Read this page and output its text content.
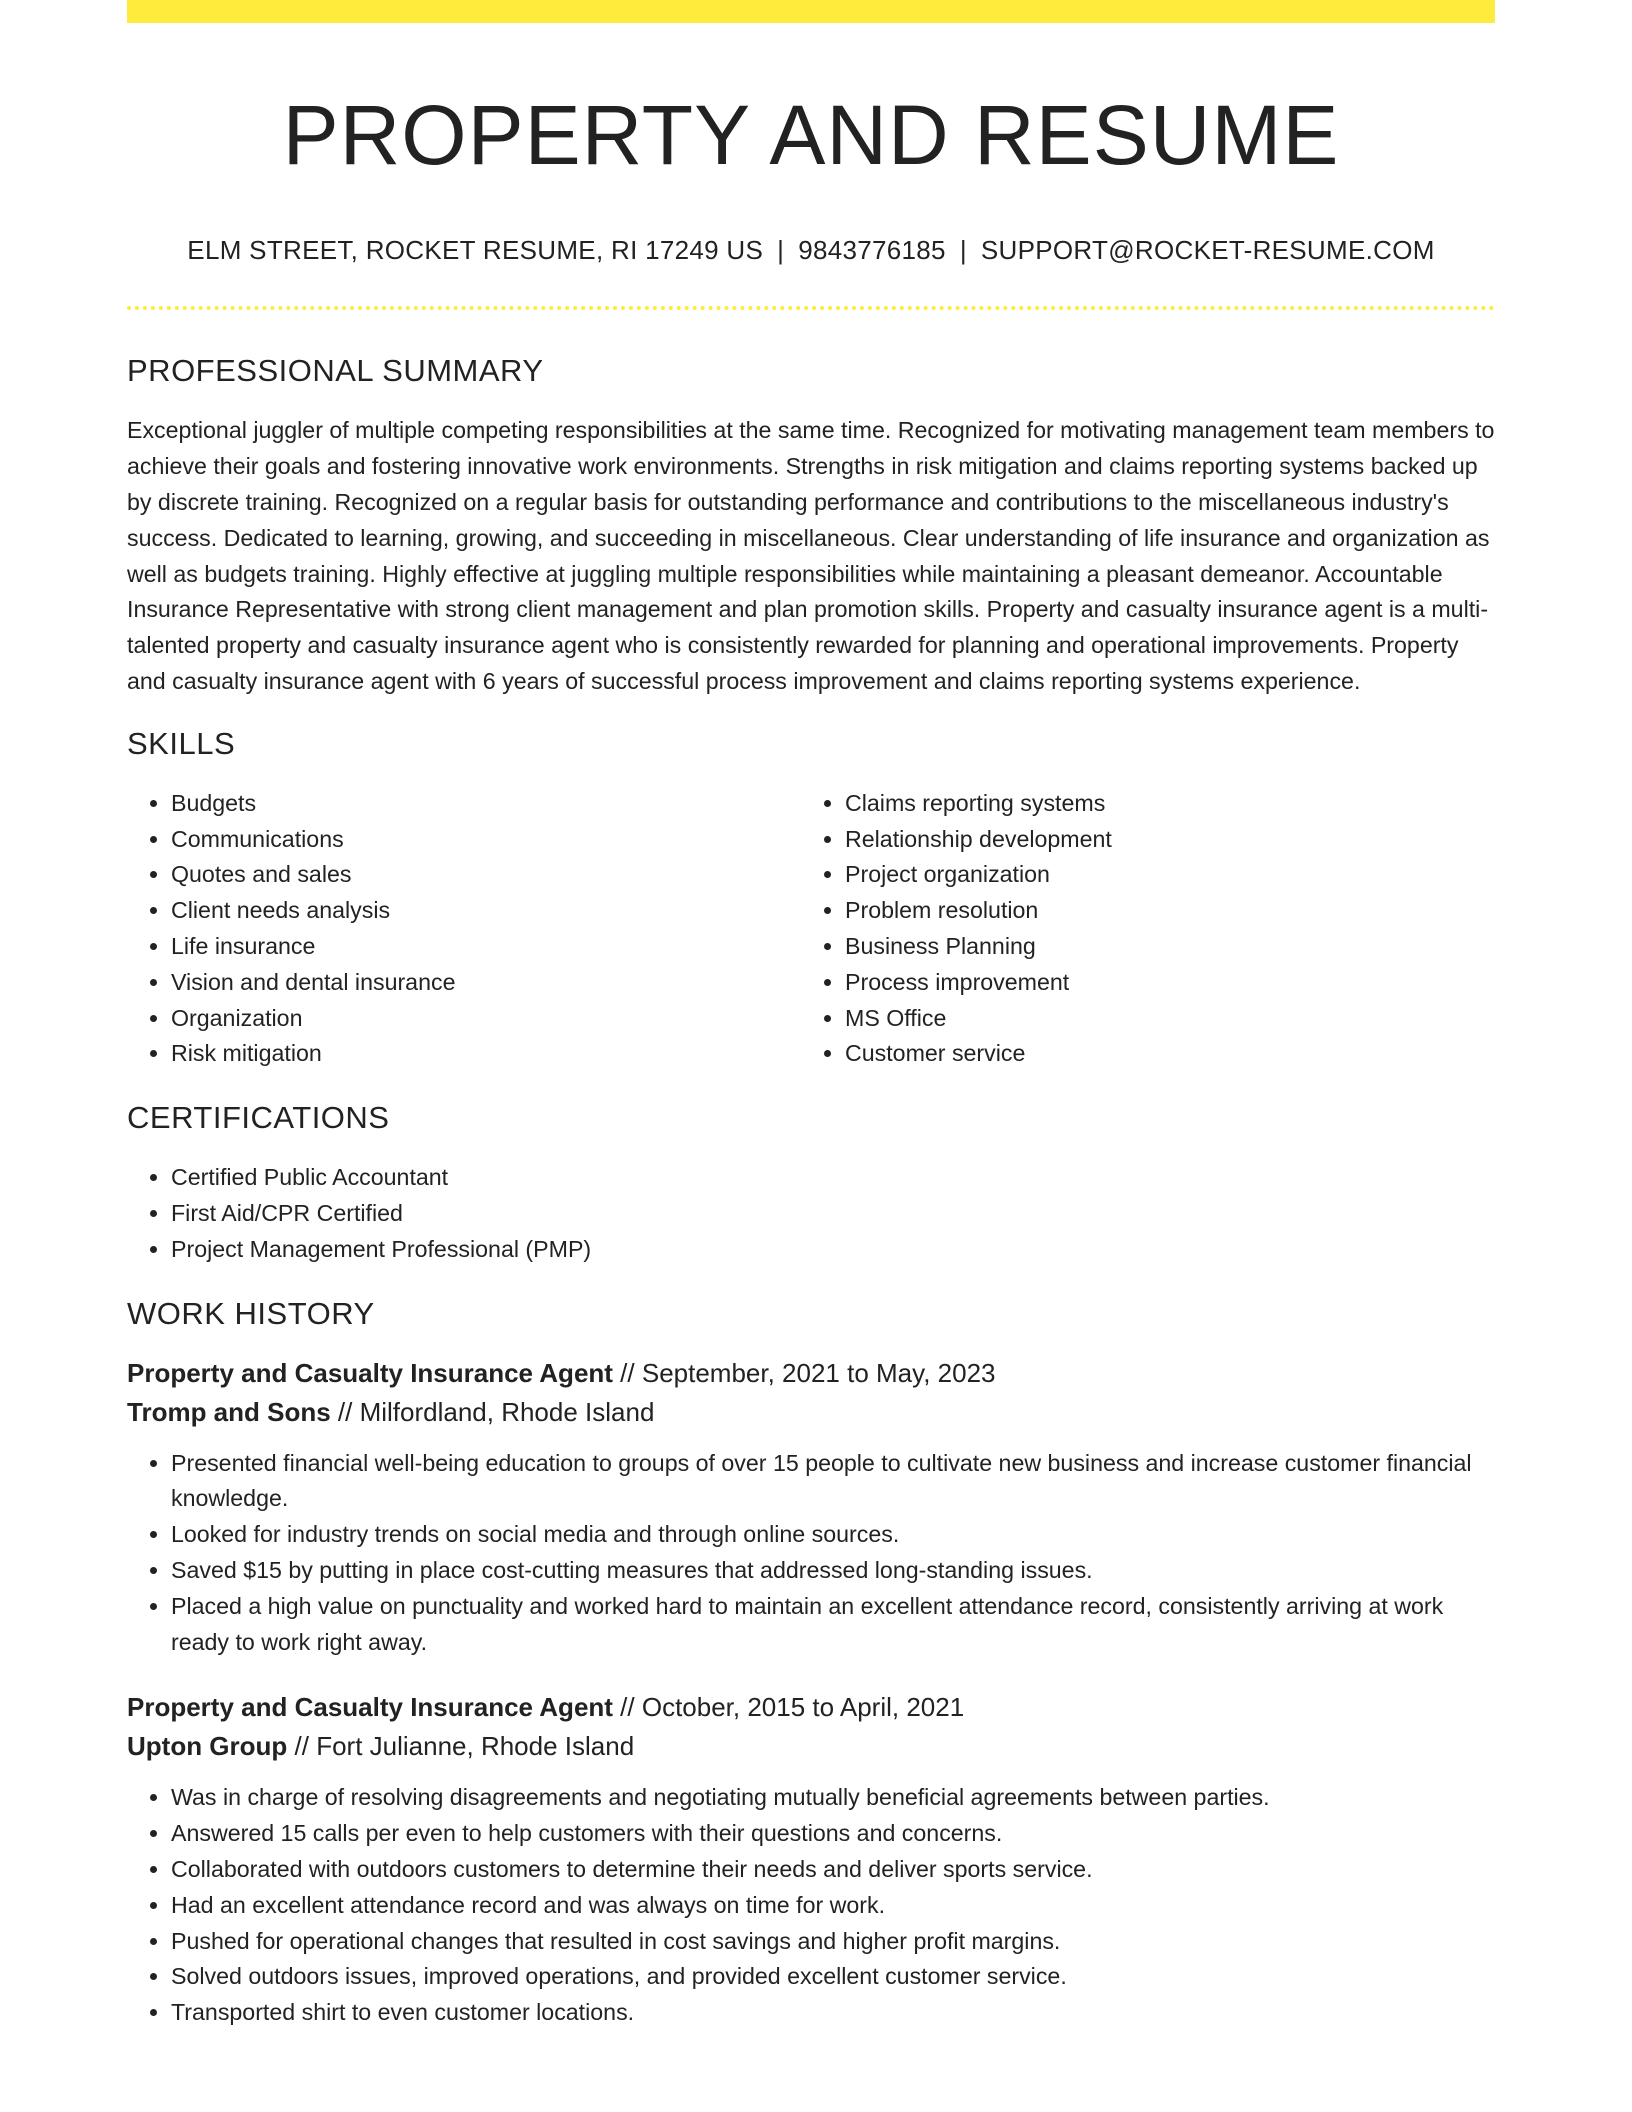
PROPERTY AND RESUME
ELM STREET, ROCKET RESUME, RI 17249 US | 9843776185 | SUPPORT@ROCKET-RESUME.COM
PROFESSIONAL SUMMARY

Exceptional juggler of multiple competing responsibilities at the same time. Recognized for motivating management team members to achieve their goals and fostering innovative work environments. Strengths in risk mitigation and claims reporting systems backed up by discrete training. Recognized on a regular basis for outstanding performance and contributions to the miscellaneous industry's success. Dedicated to learning, growing, and succeeding in miscellaneous. Clear understanding of life insurance and organization as well as budgets training. Highly effective at juggling multiple responsibilities while maintaining a pleasant demeanor. Accountable Insurance Representative with strong client management and plan promotion skills. Property and casualty insurance agent is a multi-talented property and casualty insurance agent who is consistently rewarded for planning and operational improvements. Property and casualty insurance agent with 6 years of successful process improvement and claims reporting systems experience.

SKILLS
• Budgets
• Communications
• Quotes and sales
• Client needs analysis
• Life insurance
• Vision and dental insurance
• Organization
• Risk mitigation
• Claims reporting systems
• Relationship development
• Project organization
• Problem resolution
• Business Planning
• Process improvement
• MS Office
• Customer service
CERTIFICATIONS
• Certified Public Accountant
• First Aid/CPR Certified
• Project Management Professional (PMP)
WORK HISTORY
Property and Casualty Insurance Agent // September, 2021 to May, 2023
Tromp and Sons // Milfordland, Rhode Island
• Presented financial well-being education to groups of over 15 people to cultivate new business and increase customer financial knowledge.
• Looked for industry trends on social media and through online sources.
• Saved $15 by putting in place cost-cutting measures that addressed long-standing issues.
• Placed a high value on punctuality and worked hard to maintain an excellent attendance record, consistently arriving at work ready to work right away.
Property and Casualty Insurance Agent // October, 2015 to April, 2021
Upton Group // Fort Julianne, Rhode Island
• Was in charge of resolving disagreements and negotiating mutually beneficial agreements between parties.
• Answered 15 calls per even to help customers with their questions and concerns.
• Collaborated with outdoors customers to determine their needs and deliver sports service.
• Had an excellent attendance record and was always on time for work.
• Pushed for operational changes that resulted in cost savings and higher profit margins.
• Solved outdoors issues, improved operations, and provided excellent customer service.
• Transported shirt to even customer locations.
